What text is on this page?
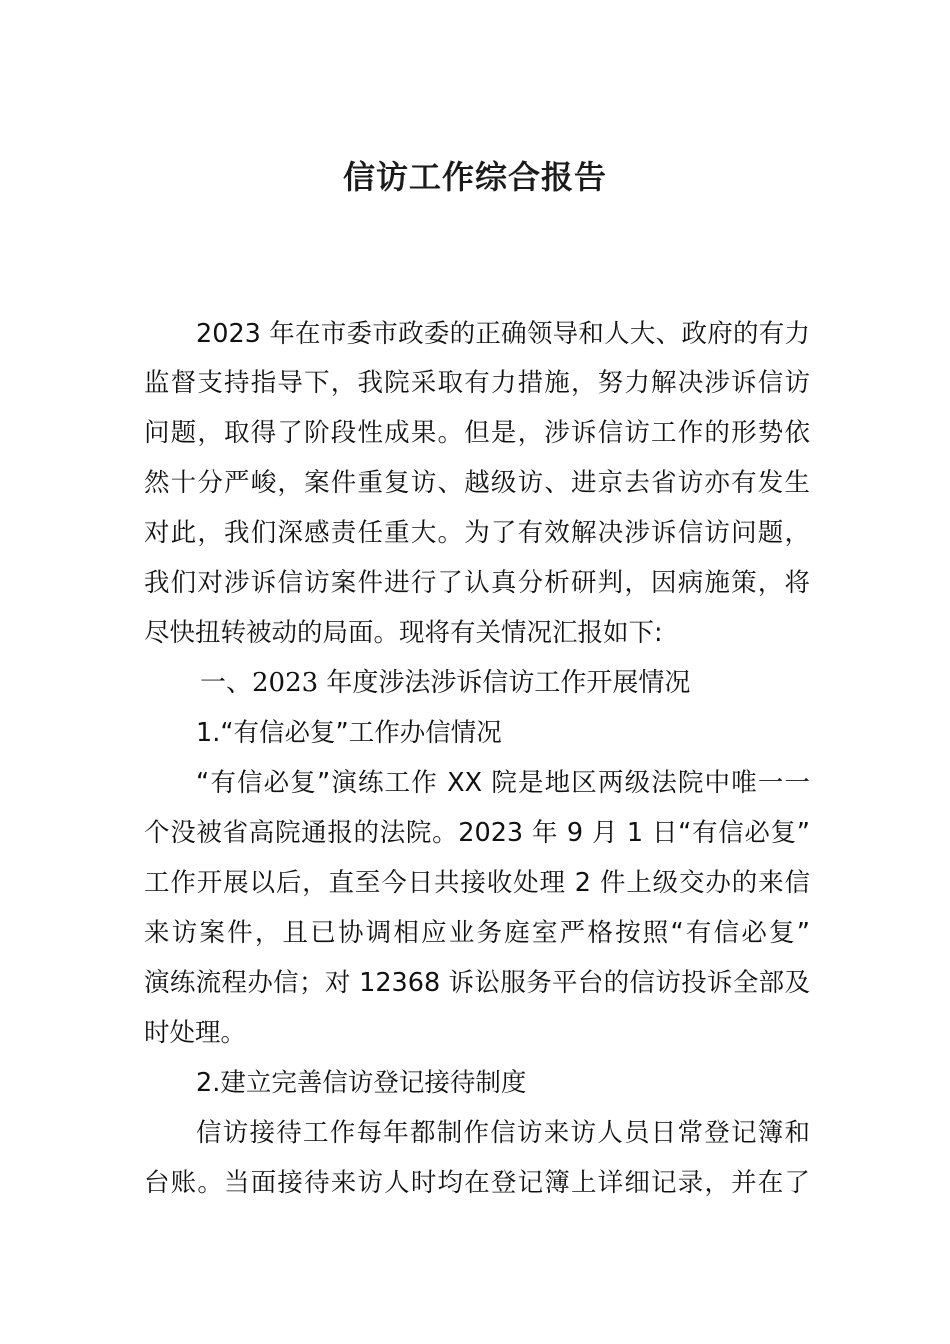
信访工作综合报告
2023 年在市委市政委的正确领导和人大、政府的有力
监督支持指导下，我院采取有力措施，努力解决涉诉信访
问题，取得了阶段性成果。但是，涉诉信访工作的形势依
然十分严峻，案件重复访、越级访、进京去省访亦有发生
对此，我们深感责任重大。为了有效解决涉诉信访问题，
我们对涉诉信访案件进行了认真分析研判，因病施策，将
尽快扭转被动的局面。现将有关情况汇报如下:
一、2023 年度涉法涉诉信访工作开展情况
1.“有信必复”工作办信情况
“有信必复”演练工作 XX 院是地区两级法院中唯一一
个没被省高院通报的法院。2023 年 9 月 1 日“有信必复”
工作开展以后，直至今日共接收处理 2 件上级交办的来信
来访案件，且已协调相应业务庭室严格按照“有信必复”
演练流程办信；对 12368 诉讼服务平台的信访投诉全部及
时处理。
2.建立完善信访登记接待制度
信访接待工作每年都制作信访来访人员日常登记簿和
台账。当面接待来访人时均在登记簿上详细记录，并在了
